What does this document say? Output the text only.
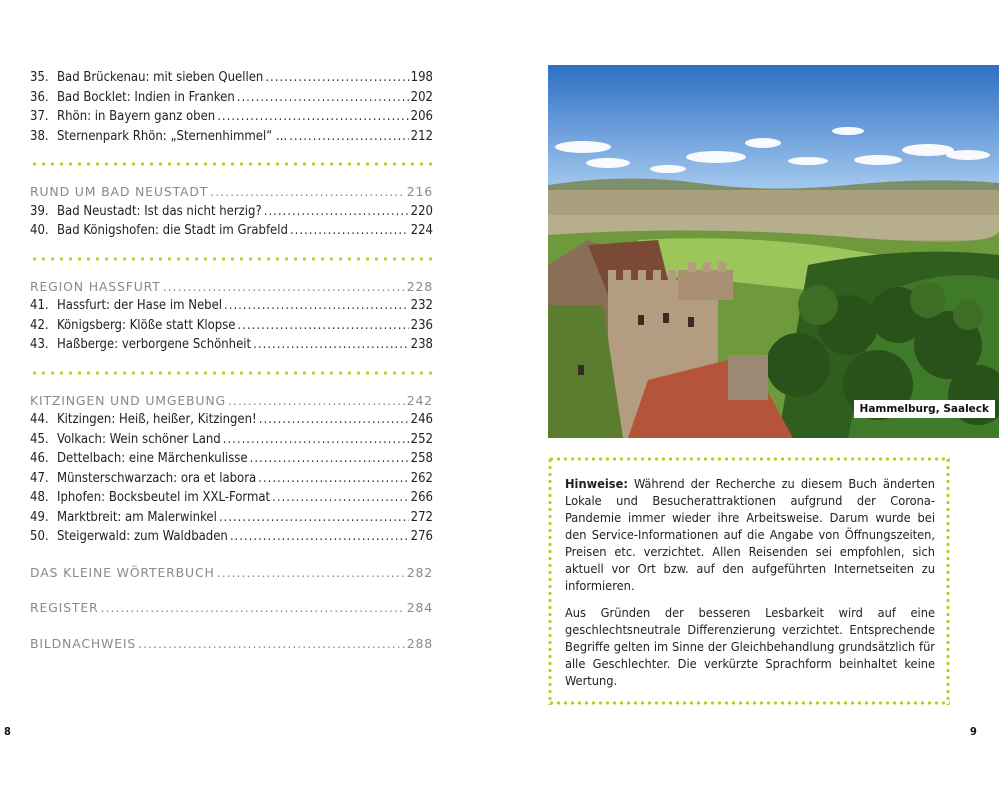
35. Bad Brückenau: mit sieben Quellen .....	198
36. Bad Bocklet: Indien in Franken .....	202
37. Rhön: in Bayern ganz oben .....	206
38. Sternenpark Rhön: „Sternenhimmel“ ... .....	212
RUND UM BAD NEUSTADT .....	216
39. Bad Neustadt: Ist das nicht herzig? .....	220
40. Bad Königshofen: die Stadt im Grabfeld .....	224
REGION HASSFURT .....	228
41. Hassfurt: der Hase im Nebel .....	232
42. Königsberg: Klöße statt Klopse .....	236
43. Haßberge: verborgene Schönheit .....	238
KITZINGEN UND UMGEBUNG .....	242
44. Kitzingen: Heiß, heißer, Kitzingen! .....	246
45. Volkach: Wein schöner Land .....	252
46. Dettelbach: eine Märchenkulisse .....	258
47. Münsterschwarzach: ora et labora .....	262
48. Iphofen: Bocksbeutel im XXL-Format .....	266
49. Marktbreit: am Malerwinkel .....	272
50. Steigerwald: zum Waldbaden .....	276
DAS KLEINE WÖRTERBUCH .....	282
REGISTER .....	284
BILDNACHWEIS .....	288
Hammelburg, Saaleck

Hinweise: Während der Recherche zu diesem Buch änderten Lokale und Besucherattraktionen aufgrund der Corona-Pandemie immer wieder ihre Arbeitsweise. Darum wurde bei den Service-Informationen auf die Angabe von Öffnungszeiten, Preisen etc. verzichtet. Allen Reisenden sei empfohlen, sich aktuell vor Ort bzw. auf den aufgeführten Internetseiten zu informieren.

Aus Gründen der besseren Lesbarkeit wird auf eine geschlechtsneutrale Differenzierung verzichtet. Entsprechende Begriffe gelten im Sinne der Gleichbehandlung grundsätzlich für alle Geschlechter. Die verkürzte Sprachform beinhaltet keine Wertung.

8	9
